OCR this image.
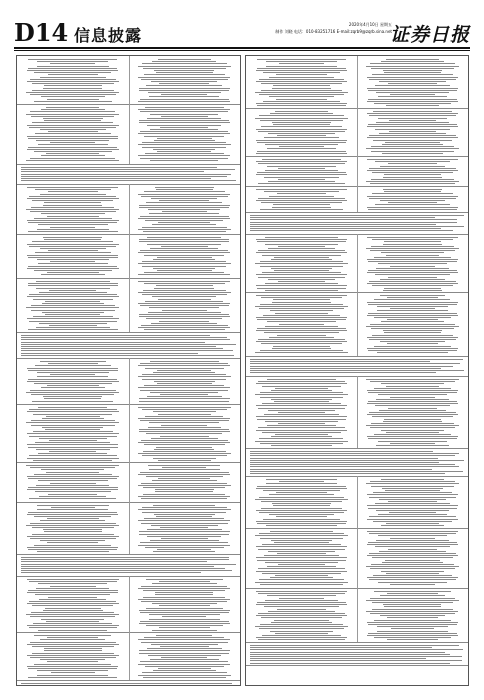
D14 信息披露
2020年4月10日 星期五
制作 刘晓 电话：010-83251716 E-mail:zqrb9@zqrb.sina.net
证券日报
